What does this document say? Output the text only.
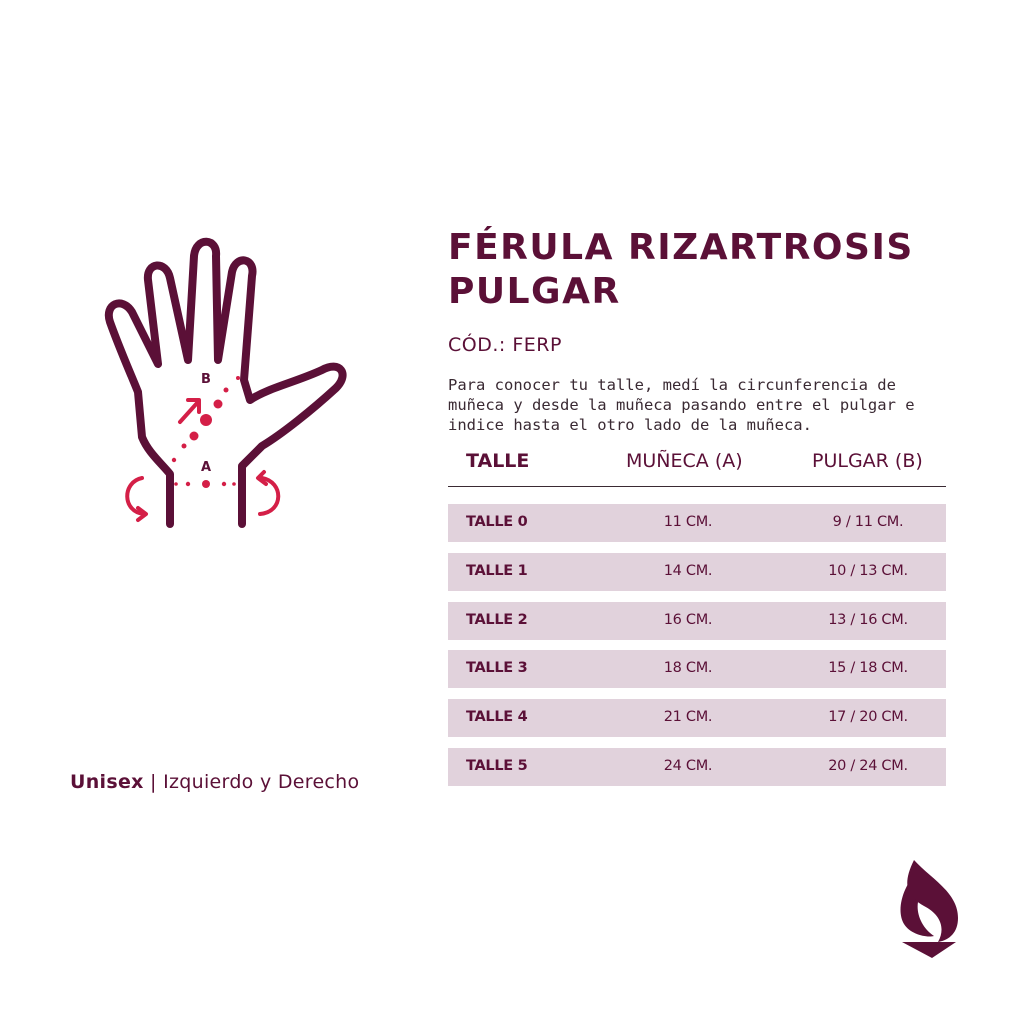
B
A
FÉRULA RIZARTROSIS
PULGAR
CÓD.: FERP

Para conocer tu talle, medí la circunferencia de muñeca y desde la muñeca pasando entre el pulgar e indice hasta el otro lado de la muñeca.

TALLE	MUÑECA (A)	PULGAR (B)
TALLE 0	11 CM.	9 / 11 CM.
TALLE 1	14 CM.	10 / 13 CM.
TALLE 2	16 CM.	13 / 16 CM.
TALLE 3	18 CM.	15 / 18 CM.
TALLE 4	21 CM.	17 / 20 CM.
TALLE 5	24 CM.	20 / 24 CM.
Unisex | Izquierdo y Derecho
